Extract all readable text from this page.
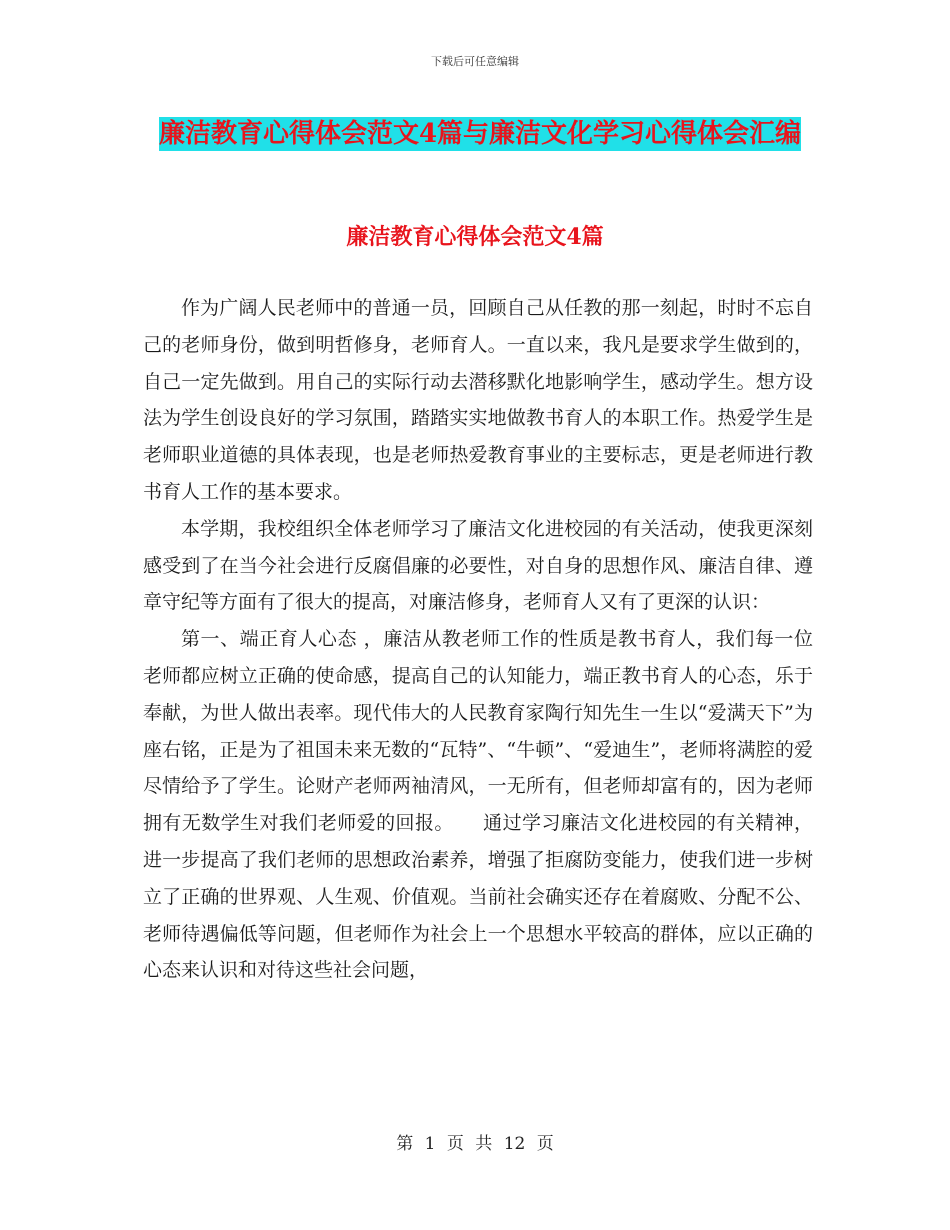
下载后可任意编辑
廉洁教育心得体会范文4篇与廉洁文化学习心得体会汇编
廉洁教育心得体会范文4篇

作为广阔人民老师中的普通一员，回顾自己从任教的那一刻起，时时不忘自己的老师身份，做到明哲修身，老师育人。一直以来，我凡是要求学生做到的，自己一定先做到。用自己的实际行动去潜移默化地影响学生，感动学生。想方设法为学生创设良好的学习氛围，踏踏实实地做教书育人的本职工作。热爱学生是老师职业道德的具体表现，也是老师热爱教育事业的主要标志，更是老师进行教书育人工作的基本要求。

本学期，我校组织全体老师学习了廉洁文化进校园的有关活动，使我更深刻感受到了在当今社会进行反腐倡廉的必要性，对自身的思想作风、廉洁自律、遵章守纪等方面有了很大的提高，对廉洁修身，老师育人又有了更深的认识：

第一、端正育人心态 ，廉洁从教老师工作的性质是教书育人，我们每一位老师都应树立正确的使命感，提高自己的认知能力，端正教书育人的心态，乐于奉献，为世人做出表率。现代伟大的人民教育家陶行知先生一生以“爱满天下”为座右铭，正是为了祖国未来无数的“瓦特”、“牛顿”、“爱迪生”，老师将满腔的爱尽情给予了学生。论财产老师两袖清风，一无所有，但老师却富有的，因为老师拥有无数学生对我们老师爱的回报。　　通过学习廉洁文化进校园的有关精神，进一步提高了我们老师的思想政治素养，增强了拒腐防变能力，使我们进一步树立了正确的世界观、人生观、价值观。当前社会确实还存在着腐败、分配不公、老师待遇偏低等问题，但老师作为社会上一个思想水平较高的群体，应以正确的心态来认识和对待这些社会问题，

第 1 页 共 12 页
